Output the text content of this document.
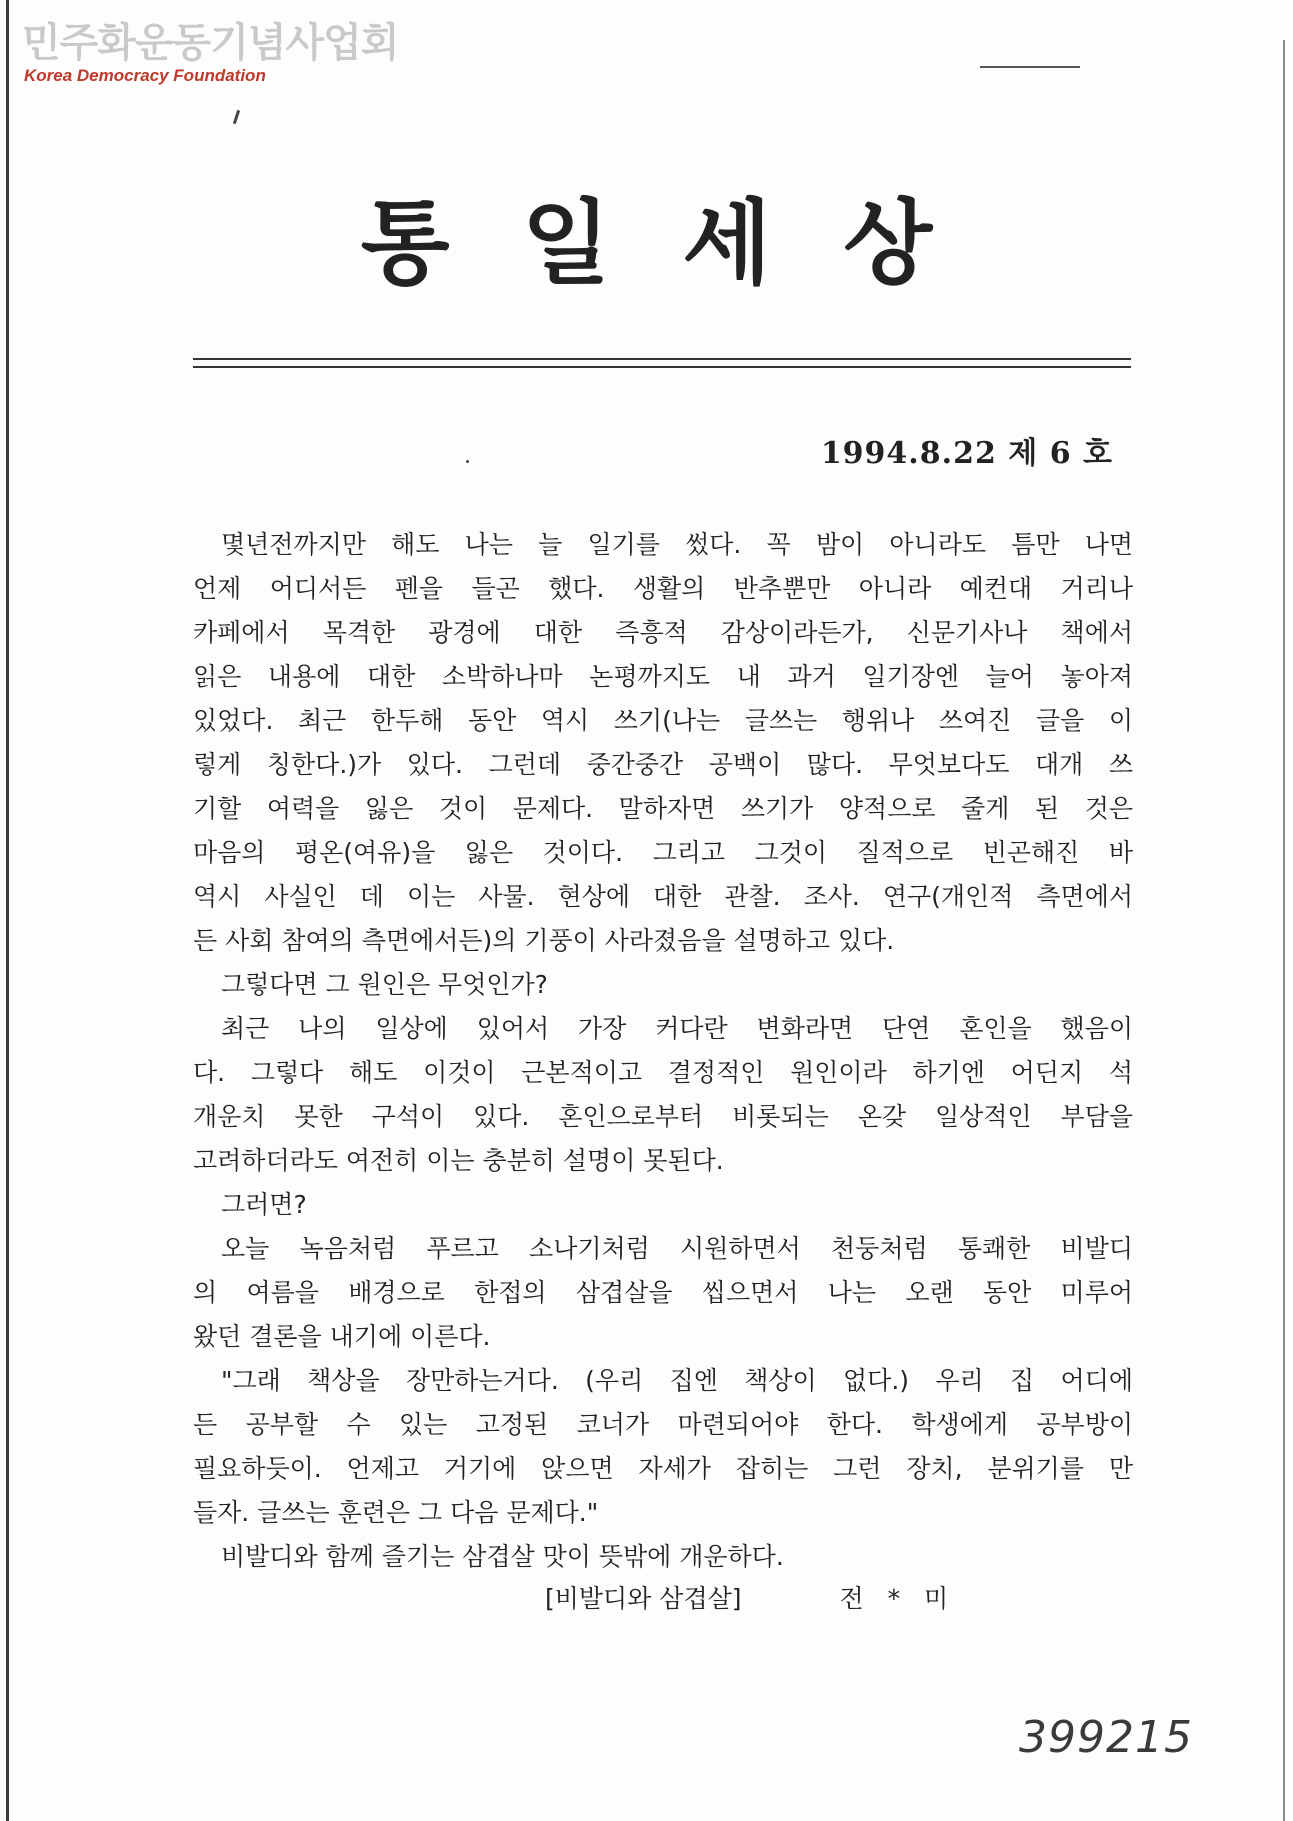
민주화운동기념사업회
Korea Democracy Foundation
통일세상
1994.8.22 제 6 호
몇년전까지만 해도 나는 늘 일기를 썼다. 꼭 밤이 아니라도 틈만 나면
언제 어디서든 펜을 들곤 했다. 생활의 반추뿐만 아니라 예컨대 거리나
카페에서 목격한 광경에 대한 즉흥적 감상이라든가, 신문기사나 책에서
읽은 내용에 대한 소박하나마 논평까지도 내 과거 일기장엔 늘어 놓아져
있었다. 최근 한두해 동안 역시 쓰기(나는 글쓰는 행위나 쓰여진 글을 이
렇게 칭한다.)가 있다. 그런데 중간중간 공백이 많다. 무엇보다도 대개 쓰
기할 여력을 잃은 것이 문제다. 말하자면 쓰기가 양적으로 줄게 된 것은
마음의 평온(여유)을 잃은 것이다. 그리고 그것이 질적으로 빈곤해진 바
역시 사실인 데 이는 사물. 현상에 대한 관찰. 조사. 연구(개인적 측면에서
든 사회 참여의 측면에서든)의 기풍이 사라졌음을 설명하고 있다.
그렇다면 그 원인은 무엇인가?
최근 나의 일상에 있어서 가장 커다란 변화라면 단연 혼인을 했음이
다. 그렇다 해도 이것이 근본적이고 결정적인 원인이라 하기엔 어딘지 석
개운치 못한 구석이 있다. 혼인으로부터 비롯되는 온갖 일상적인 부담을
고려하더라도 여전히 이는 충분히 설명이 못된다.
그러면?
오늘 녹음처럼 푸르고 소나기처럼 시원하면서 천둥처럼 통쾌한 비발디
의 여름을 배경으로 한접의 삼겹살을 씹으면서 나는 오랜 동안 미루어
왔던 결론을 내기에 이른다.
"그래 책상을 장만하는거다. (우리 집엔 책상이 없다.) 우리 집 어디에
든 공부할 수 있는 고정된 코너가 마련되어야 한다. 학생에게 공부방이
필요하듯이. 언제고 거기에 앉으면 자세가 잡히는 그런 장치, 분위기를 만
들자. 글쓰는 훈련은 그 다음 문제다."
비발디와 함께 즐기는 삼겹살 맛이 뜻밖에 개운하다.
[비발디와 삼겹살]	전 * 미
399215
